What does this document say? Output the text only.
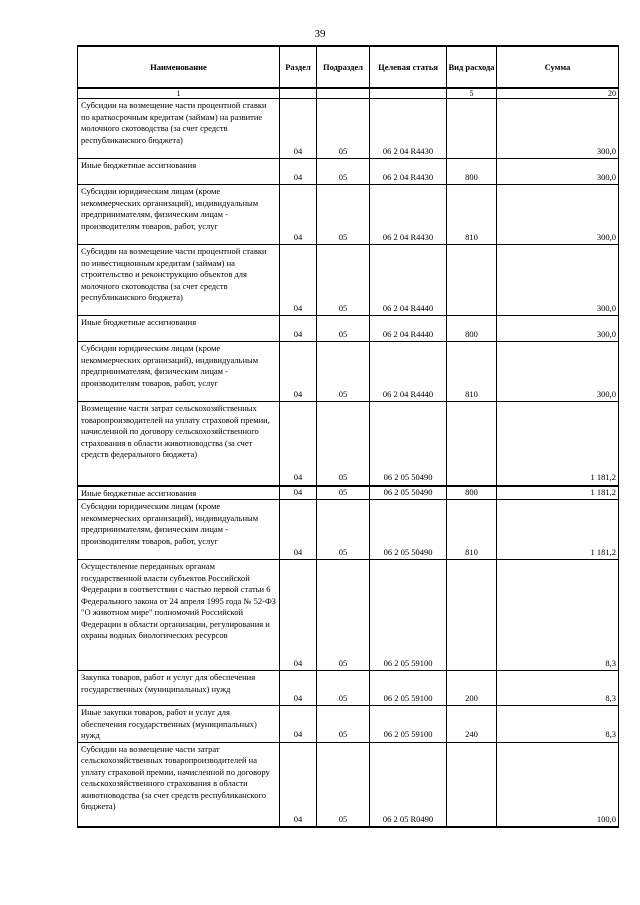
39
Наименование	Раздел	Подраздел	Целевая статья	Вид расхода	Сумма
1				5	20
Субсидии на возмещение части процентной ставки по краткосрочным кредитам (займам) на развитие молочного скотоводства (за счет средств республиканского бюджета)	04	05	06 2 04 R4430		300,0
Иные бюджетные ассигнования	04	05	06 2 04 R4430	800	300,0
Субсидии юридическим лицам (кроме некоммерческих организаций), индивидуальным предпринимателям, физическим лицам - производителям товаров, работ, услуг	04	05	06 2 04 R4430	810	300,0
Субсидии на возмещение части процентной ставки по инвестиционным кредитам (займам) на строительство и реконструкцию объектов для молочного скотоводства (за счет средств республиканского бюджета)	04	05	06 2 04 R4440		300,0
Иные бюджетные ассигнования	04	05	06 2 04 R4440	800	300,0
Субсидии юридическим лицам (кроме некоммерческих организаций), индивидуальным предпринимателям, физическим лицам - производителям товаров, работ, услуг	04	05	06 2 04 R4440	810	300,0
Возмещение части затрат сельскохозяйственных товаропроизводителей на уплату страховой премии, начисленной по договору сельскохозяйственного страхования в области животноводства (за счет средств федерального бюджета)	04	05	06 2 05 50490		1 181,2
Иные бюджетные ассигнования	04	05	06 2 05 50490	800	1 181,2
Субсидии юридическим лицам (кроме некоммерческих организаций), индивидуальным предпринимателям, физическим лицам - производителям товаров, работ, услуг	04	05	06 2 05 50490	810	1 181,2
Осуществление переданных органам государственной власти субъектов Российской Федерации в соответствии с частью первой статьи 6 Федерального закона от 24 апреля 1995 года № 52-ФЗ "О животном мире" полномочий Российской Федерации в области организации, регулирования и охраны водных биологических ресурсов	04	05	06 2 05 59100		8,3
Закупка товаров, работ и услуг для обеспечения государственных (муниципальных) нужд	04	05	06 2 05 59100	200	8,3
Иные закупки товаров, работ и услуг для обеспечения государственных (муниципальных) нужд	04	05	06 2 05 59100	240	8,3
Субсидии на возмещение части затрат сельскохозяйственных товаропроизводителей на уплату страховой премии, начисленной по договору сельскохозяйственного страхования в области животноводства (за счет средств республиканского бюджета)	04	05	06 2 05 R0490		100,0
